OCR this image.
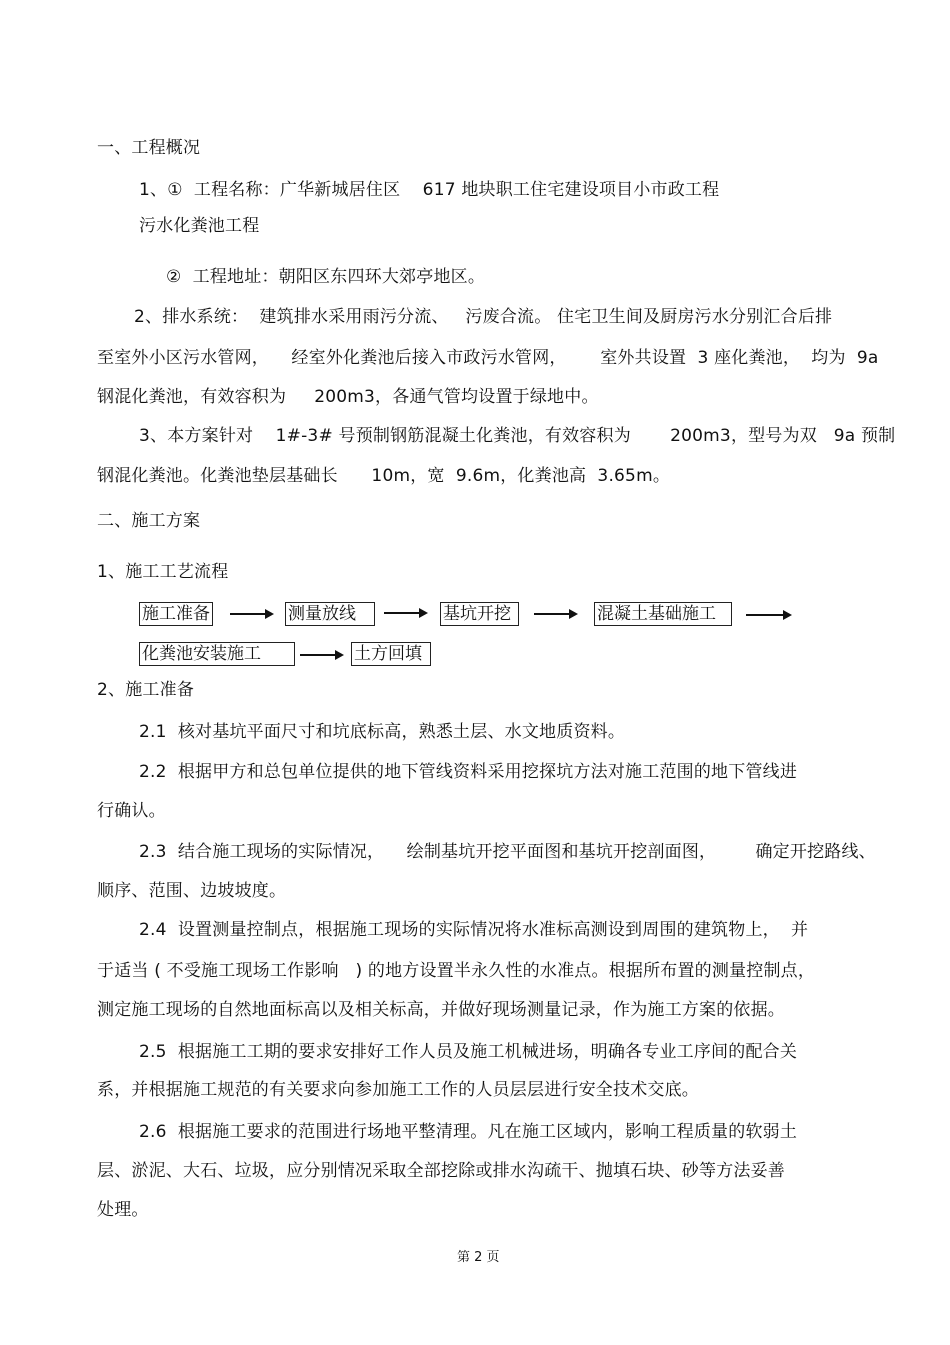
一、工程概况
1、①  工程名称：广华新城居住区    617 地块职工住宅建设项目小市政工程
污水化粪池工程
②  工程地址：朝阳区东四环大郊亭地区。
2、排水系统：  建筑排水采用雨污分流、   污废合流。 住宅卫生间及厨房污水分别汇合后排
至室外小区污水管网，    经室外化粪池后接入市政污水管网，      室外共设置  3 座化粪池，  均为  9a
钢混化粪池，有效容积为     200m3，各通气管均设置于绿地中。
3、本方案针对    1#-3# 号预制钢筋混凝土化粪池，有效容积为       200m3，型号为双   9a 预制
钢混化粪池。化粪池垫层基础长      10m，宽  9.6m，化粪池高  3.65m。
二、施工方案
1、施工工艺流程
施工准备	测量放线	基坑开挖	混凝土基础施工
化粪池安装施工	土方回填
2、施工准备
2.1  核对基坑平面尺寸和坑底标高，熟悉土层、水文地质资料。
2.2  根据甲方和总包单位提供的地下管线资料采用挖探坑方法对施工范围的地下管线进
行确认。
2.3  结合施工现场的实际情况，    绘制基坑开挖平面图和基坑开挖剖面图，       确定开挖路线、
顺序、范围、边坡坡度。
2.4  设置测量控制点，根据施工现场的实际情况将水准标高测设到周围的建筑物上，  并
于适当 ( 不受施工现场工作影响   ) 的地方设置半永久性的水准点。根据所布置的测量控制点，
测定施工现场的自然地面标高以及相关标高，并做好现场测量记录，作为施工方案的依据。
2.5  根据施工工期的要求安排好工作人员及施工机械进场，明确各专业工序间的配合关
系，并根据施工规范的有关要求向参加施工工作的人员层层进行安全技术交底。
2.6  根据施工要求的范围进行场地平整清理。凡在施工区域内，影响工程质量的软弱土
层、淤泥、大石、垃圾，应分别情况采取全部挖除或排水沟疏干、抛填石块、砂等方法妥善
处理。
第 2 页
